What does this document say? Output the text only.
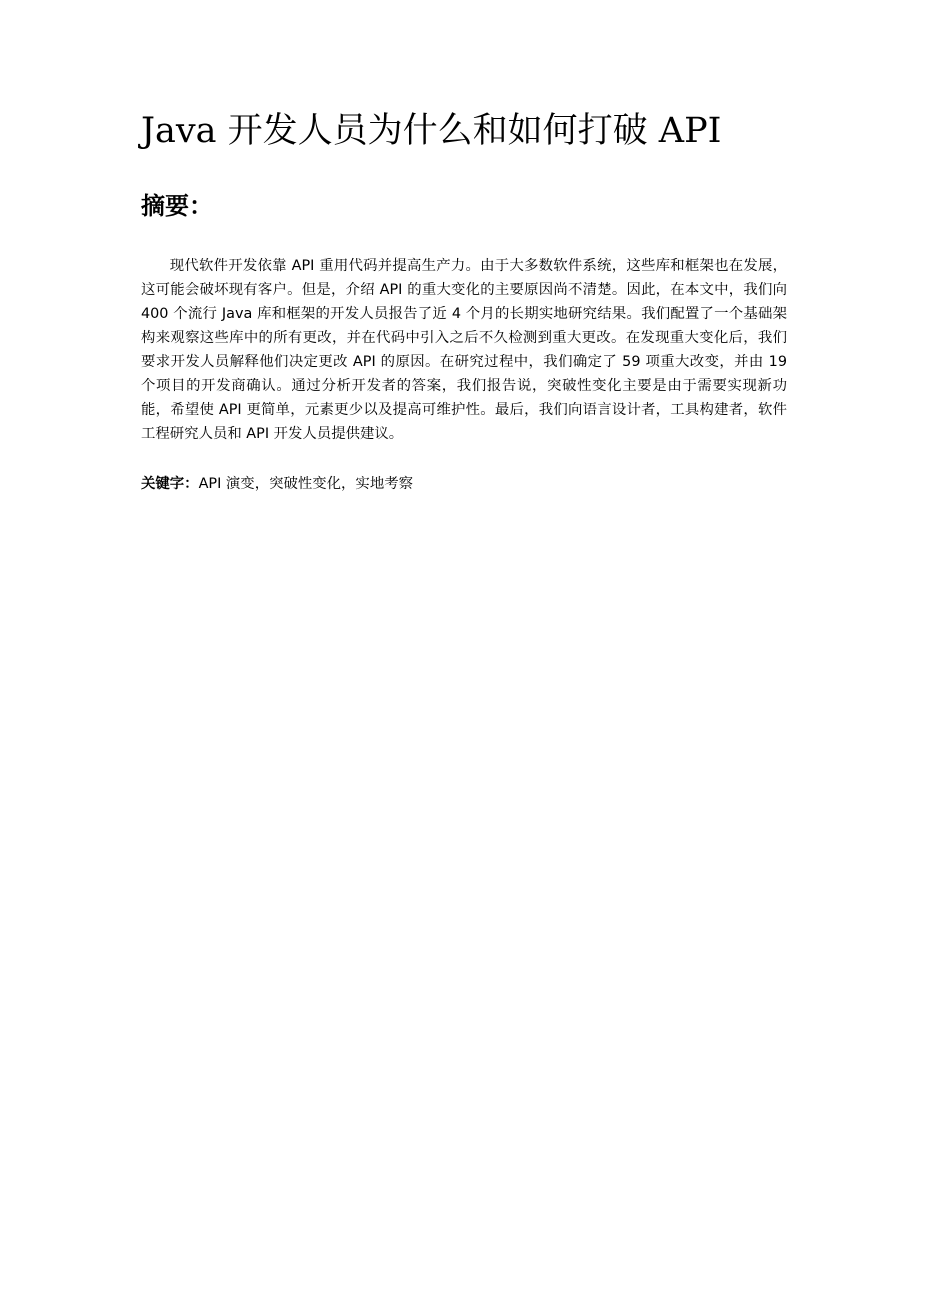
Java 开发人员为什么和如何打破 API
摘要：

现代软件开发依靠 API 重用代码并提高生产力。由于大多数软件系统，这些库和框架也在发展，这可能会破坏现有客户。但是，介绍 API 的重大变化的主要原因尚不清楚。因此，在本文中，我们向 400 个流行 Java 库和框架的开发人员报告了近 4 个月的长期实地研究结果。我们配置了一个基础架构来观察这些库中的所有更改，并在代码中引入之后不久检测到重大更改。在发现重大变化后，我们要求开发人员解释他们决定更改 API 的原因。在研究过程中，我们确定了 59 项重大改变，并由 19 个项目的开发商确认。通过分析开发者的答案，我们报告说，突破性变化主要是由于需要实现新功能，希望使 API 更简单，元素更少以及提高可维护性。最后，我们向语言设计者，工具构建者，软件工程研究人员和 API 开发人员提供建议。

关键字：API 演变，突破性变化，实地考察
